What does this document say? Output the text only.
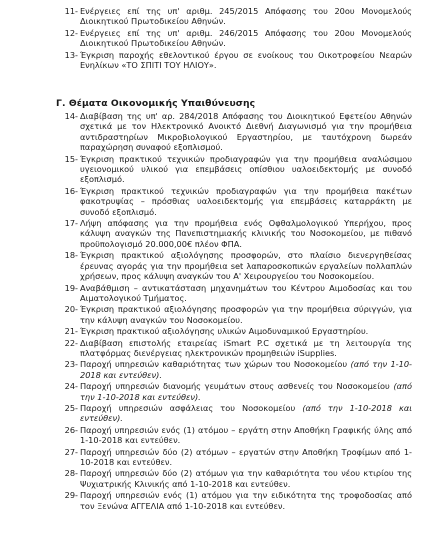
11- Ενέργειες επί της υπ' αριθμ. 245/2015 Απόφασης του 20ου Μονομελούς Διοικητικού Πρωτοδικείου Αθηνών.
12- Ενέργειες επί της υπ' αριθμ. 246/2015 Απόφασης του 20ου Μονομελούς Διοικητικού Πρωτοδικείου Αθηνών.
13- Έγκριση παροχής εθελοντικού έργου σε ενοίκους του Οικοτροφείου Νεαρών Ενηλίκων «ΤΟ ΣΠΙΤΙ ΤΟΥ ΗΛΙΟΥ».
Γ. Θέματα Οικονομικής Υπαιθύνευσης
14- Διαβίβαση της υπ' αρ. 284/2018 Απόφασης του Διοικητικού Εφετείου Αθηνών σχετικά με τον Ηλεκτρονικό Ανοικτό Διεθνή Διαγωνισμό για την προμήθεια αντιδραστηρίων Μικροβιολογικού Εργαστηρίου, με ταυτόχρονη δωρεάν παραχώρηση συναφού εξοπλισμού.
15- Έγκριση πρακτικού τεχνικών προδιαγραφών για την προμήθεια αναλώσιμου υγειονομικού υλικού για επεμβάσεις οπίσθιου υαλοειδεκτομής με συνοδό εξοπλισμό.
16- Έγκριση πρακτικού τεχνικών προδιαγραφών για την προμήθεια πακέτων φακοτρυψίας – πρόσθιας υαλοειδεκτομής για επεμβάσεις καταρράκτη με συνοδό εξοπλισμό.
17- Λήψη απόφασης για την προμήθεια ενός Οφθαλμολογικού Υπερήχου, προς κάλυψη αναγκών της Πανεπιστημιακής κλινικής του Νοσοκομείου, με πιθανό προϋπολογισμό 20.000,00€ πλέον ΦΠΑ.
18- Έγκριση πρακτικού αξιολόγησης προσφορών, στο πλαίσιο διενεργηθείσας έρευνας αγοράς για την προμήθεια set λαπαροσκοπικών εργαλείων πολλαπλών χρήσεων, προς κάλυψη αναγκών του Α' Χειρουργείου του Νοσοκομείου.
19- Αναβάθμιση – αντικατάσταση μηχανημάτων του Κέντρου Αιμοδοσίας και του Αιματολογικού Τμήματος.
20- Έγκριση πρακτικού αξιολόγησης προσφορών για την προμήθεια σύριγγών, για την κάλυψη αναγκών του Νοσοκομείου.
21- Έγκριση πρακτικού αξιολόγησης υλικών Αιμοδυναμικού Εργαστηρίου.
22- Διαβίβαση επιστολής εταιρείας iSmart P.C σχετικά με τη λειτουργία της πλατφόρμας διενέργειας ηλεκτρονικών προμηθειών iSupplies.
23- Παροχή υπηρεσιών καθαριότητας των χώρων του Νοσοκομείου (από την 1-10-2018 και εντεύθεν).
24- Παροχή υπηρεσιών διανομής γευμάτων στους ασθενείς του Νοσοκομείου (από την 1-10-2018 και εντεύθεν).
25- Παροχή υπηρεσιών ασφάλειας του Νοσοκομείου (από την 1-10-2018 και εντεύθεν).
26- Παροχή υπηρεσιών ενός (1) ατόμου – εργάτη στην Αποθήκη Γραφικής ύλης από 1-10-2018 και εντεύθεν.
27- Παροχή υπηρεσιών δύο (2) ατόμων – εργατών στην Αποθήκη Τροφίμων από 1-10-2018 και εντεύθεν.
28- Παροχή υπηρεσιών δύο (2) ατόμων για την καθαριότητα του νέου κτιρίου της Ψυχιατρικής Κλινικής από 1-10-2018 και εντεύθεν.
29- Παροχή υπηρεσιών ενός (1) ατόμου για την ειδικότητα της τροφοδοσίας από τον Ξενώνα ΑΓΓΕΛΙΑ από 1-10-2018 και εντεύθεν.
